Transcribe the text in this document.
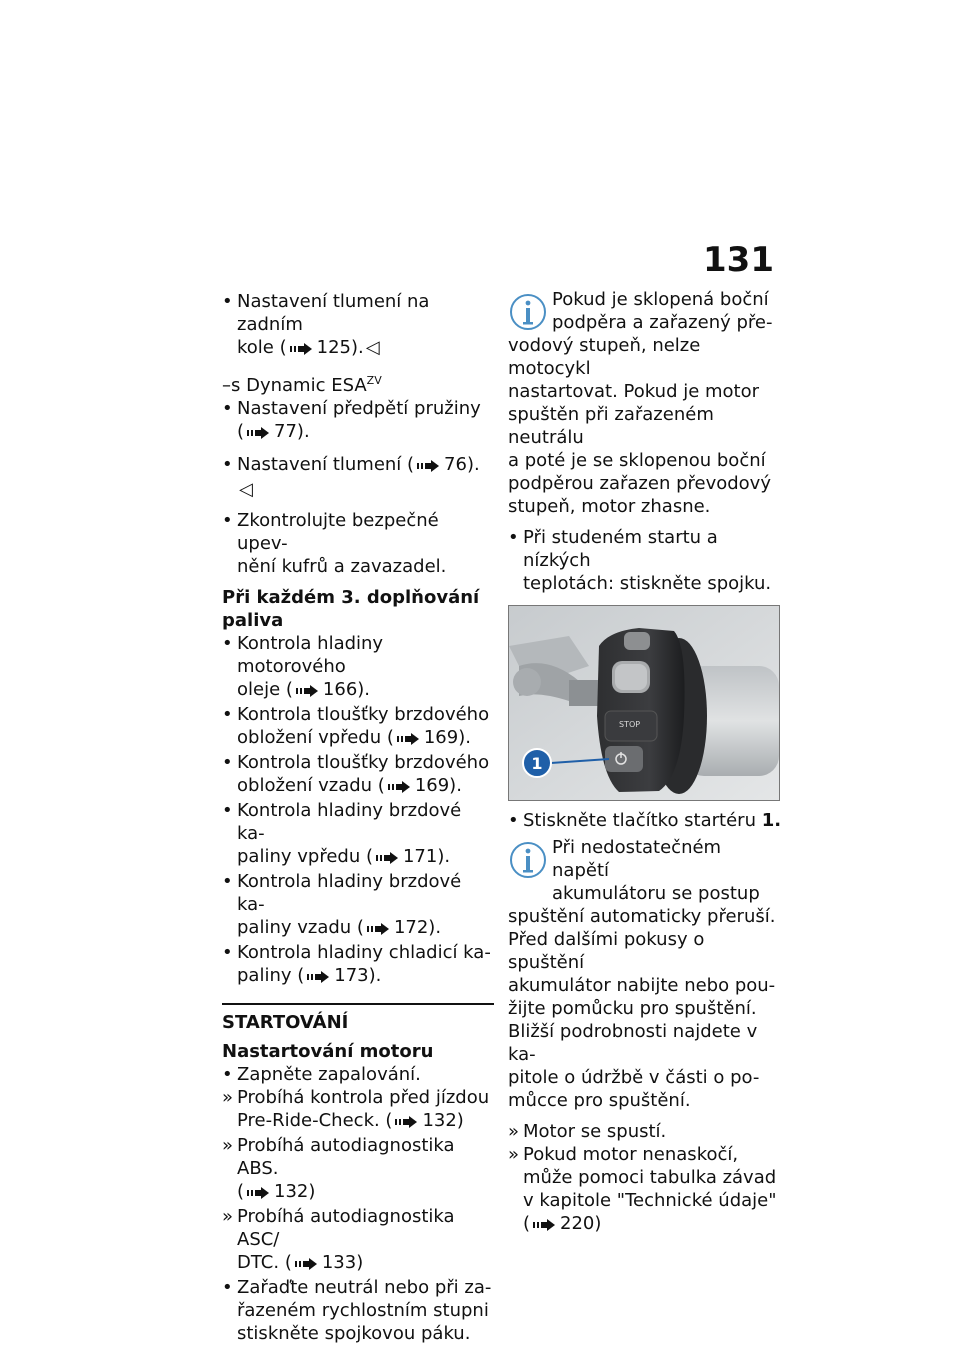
131
• Nastavení tlumení na zadním
kole ( 125). ◁
–s Dynamic $ESA^{ZV}$
• Nastavení předpětí pružiny
( 77).
• Nastavení tlumení ( 76).◁
• Zkontrolujte bezpečné upev-
nění kufrů a zavazadel.
Při každém 3. doplňování
paliva
• Kontrola hladiny motorového
oleje ( 166).
• Kontrola tloušťky brzdového
obložení vpředu ( 169).
• Kontrola tloušťky brzdového
obložení vzadu ( 169).
• Kontrola hladiny brzdové ka-
paliny vpředu ( 171).
• Kontrola hladiny brzdové ka-
paliny vzadu ( 172).
• Kontrola hladiny chladicí ka-
paliny ( 173).
STARTOVÁNÍ
Nastartování motoru
• Zapněte zapalování.
» Probíhá kontrola před jízdou
Pre-Ride-Check. ( 132)
» Probíhá autodiagnostika ABS.
( 132)
» Probíhá autodiagnostika ASC/
DTC. ( 133)
• Zařaďte neutrál nebo při za-
řazeném rychlostním stupni
stiskněte spojkovou páku.
Pokud je sklopená boční
podpěra a zařazený pře-
vodový stupeň, nelze motocykl
nastartovat. Pokud je motor
spuštěn při zařazeném neutrálu
a poté je se sklopenou boční
podpěrou zařazen převodový
stupeň, motor zhasne.
• Při studeném startu a nízkých
teplotách: stiskněte spojku.
STOP
1
• Stiskněte tlačítko startéru 1.
Při nedostatečném napětí
akumulátoru se postup
spuštění automaticky přeruší.
Před dalšími pokusy o spuštění
akumulátor nabijte nebo pou-
žijte pomůcku pro spuštění.
Bližší podrobnosti najdete v ka-
pitole o údržbě v části o po-
můcce pro spuštění.
» Motor se spustí.
» Pokud motor nenaskočí,
může pomoci tabulka závad
v kapitole "Technické údaje"
( 220)
